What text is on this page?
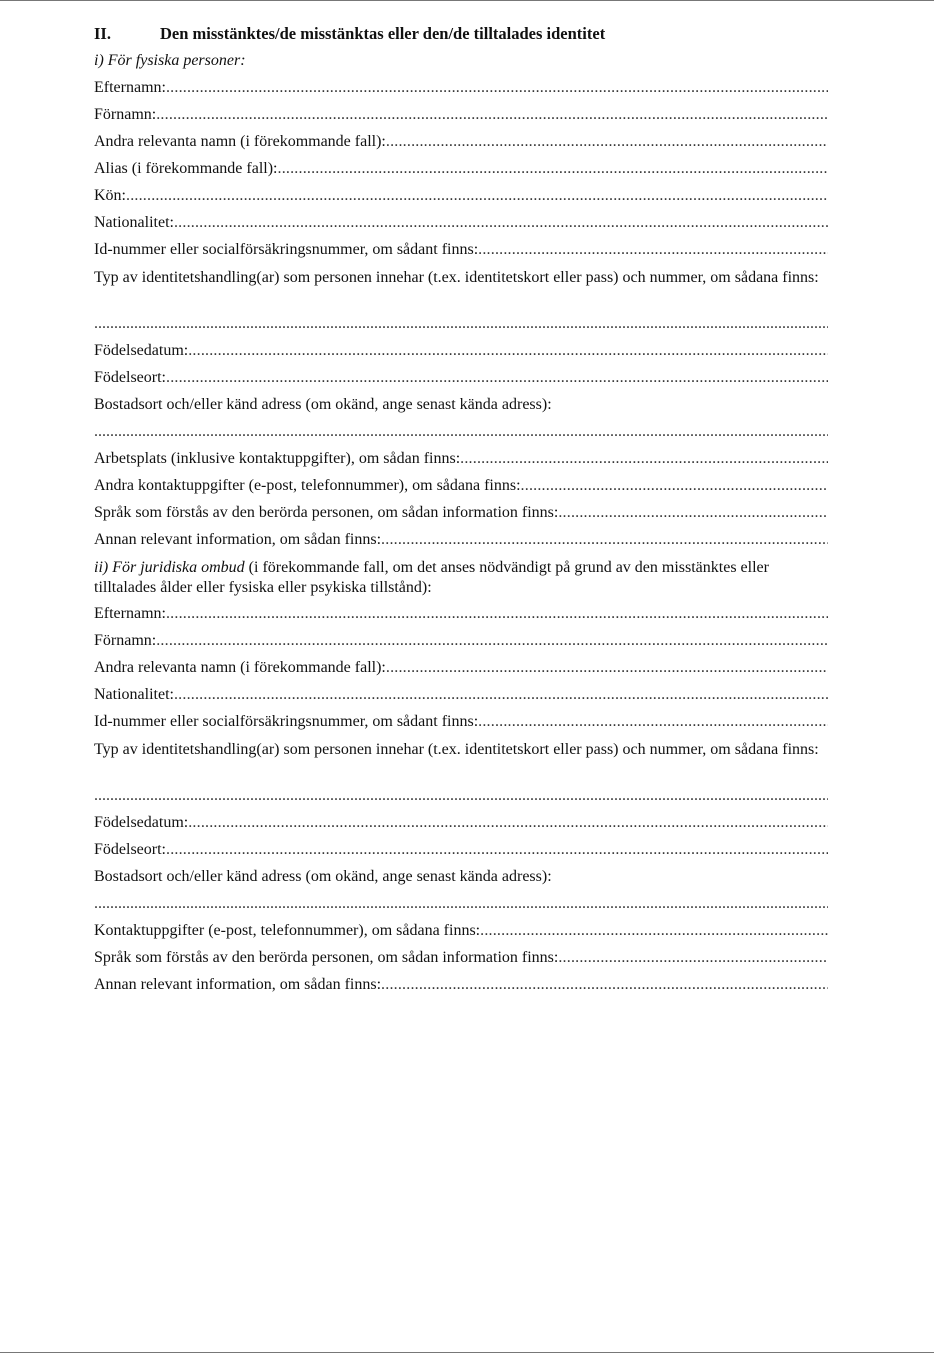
II.	Den misstänktes/de misstänktas eller den/de tilltalades identitet
i) För fysiska personer:
Efternamn:
.....
Förnamn:
.....
Andra relevanta namn (i förekommande fall):
.....
Alias (i förekommande fall):
.....
Kön:
.....
Nationalitet:
.....
Id-nummer eller socialförsäkringsnummer, om sådant finns:
.....
Typ av identitetshandling(ar) som personen innehar (t.ex. identitetskort eller pass) och nummer, om sådana finns:
.....
Födelsedatum:
.....
Födelseort:
.....
Bostadsort och/eller känd adress (om okänd, ange senast kända adress):
.....
Arbetsplats (inklusive kontaktuppgifter), om sådan finns:
.....
Andra kontaktuppgifter (e-post, telefonnummer), om sådana finns:
.....
Språk som förstås av den berörda personen, om sådan information finns:
.....
Annan relevant information, om sådan finns:
.....
ii) För juridiska ombud (i förekommande fall, om det anses nödvändigt på grund av den misstänktes eller tilltalades ålder eller fysiska eller psykiska tillstånd):
Efternamn:
.....
Förnamn:
.....
Andra relevanta namn (i förekommande fall):
.....
Nationalitet:
.....
Id-nummer eller socialförsäkringsnummer, om sådant finns:
.....
Typ av identitetshandling(ar) som personen innehar (t.ex. identitetskort eller pass) och nummer, om sådana finns:
.....
Födelsedatum:
.....
Födelseort:
.....
Bostadsort och/eller känd adress (om okänd, ange senast kända adress):
.....
Kontaktuppgifter (e-post, telefonnummer), om sådana finns:
.....
Språk som förstås av den berörda personen, om sådan information finns:
.....
Annan relevant information, om sådan finns:
.....
